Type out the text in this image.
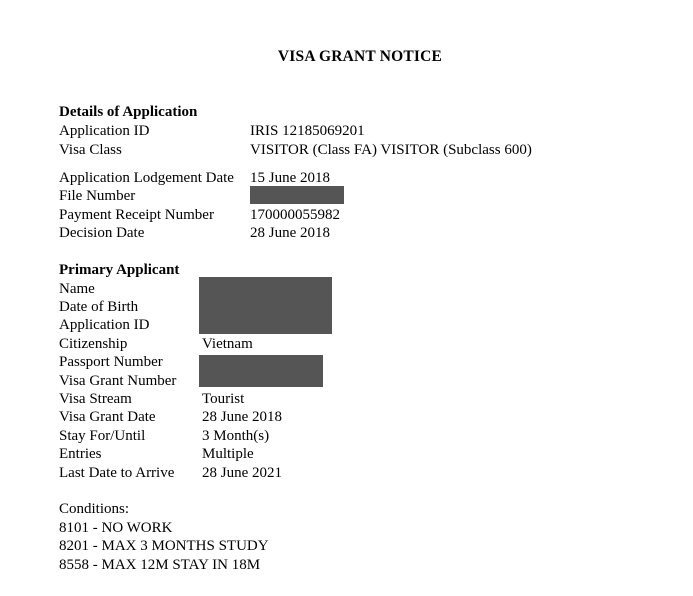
VISA GRANT NOTICE
Details of Application
Application ID	IRIS 12185069201
Visa Class	VISITOR (Class FA) VISITOR (Subclass 600)
Application Lodgement Date 15 June 2018
File Number
Payment Receipt Number 170000055982
Decision Date	28 June 2018
Primary Applicant
Name
Date of Birth
Application ID
Citizenship	Vietnam
Passport Number
Visa Grant Number
Visa Stream	Tourist
Visa Grant Date	28 June 2018
Stay For/Until	3 Month(s)
Entries	Multiple
Last Date to Arrive 28 June 2021
Conditions:
8101 - NO WORK
8201 - MAX 3 MONTHS STUDY
8558 - MAX 12M STAY IN 18M
